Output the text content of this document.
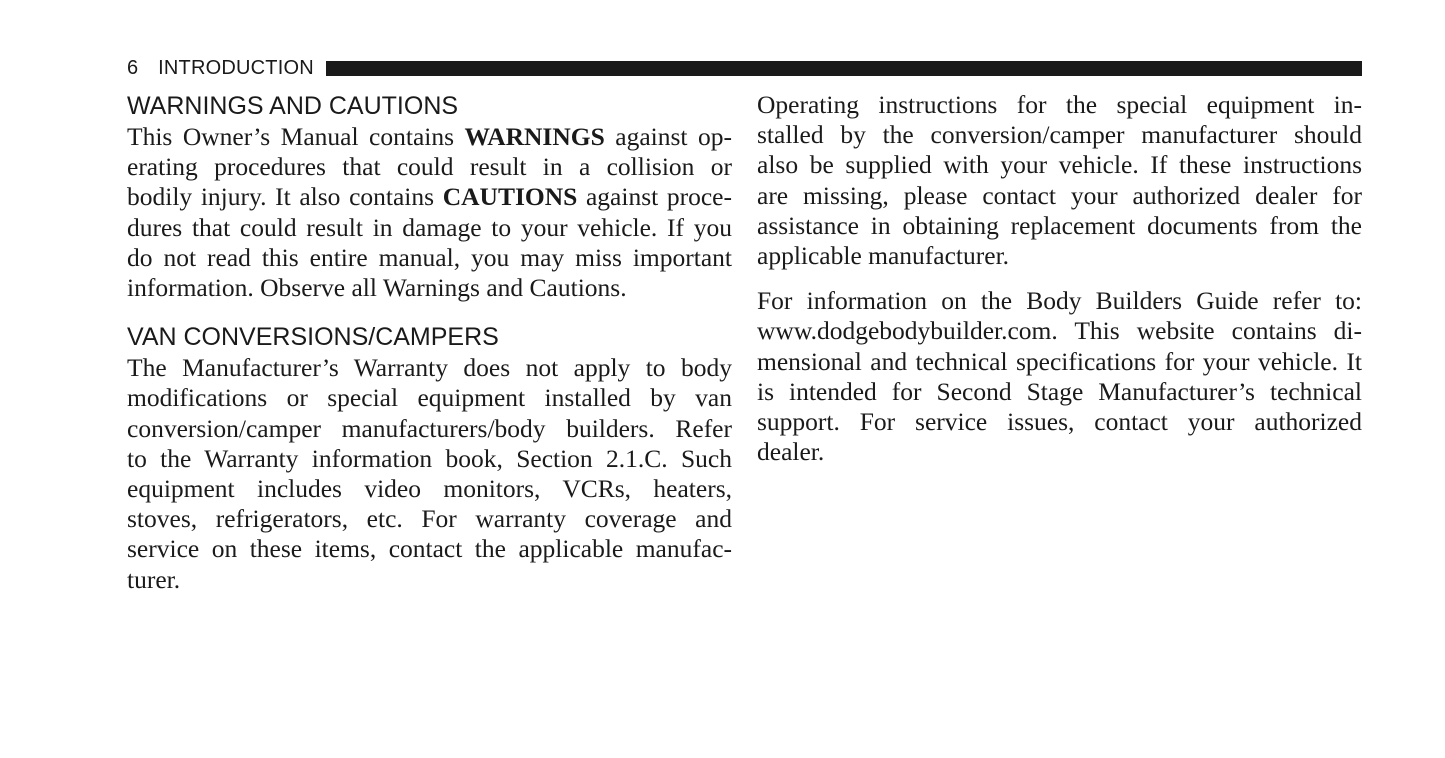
6 INTRODUCTION
WARNINGS AND CAUTIONS

This Owner’s Manual contains WARNINGS against op-
erating procedures that could result in a collision or
bodily injury. It also contains CAUTIONS against proce-
dures that could result in damage to your vehicle. If you
do not read this entire manual, you may miss important
information. Observe all Warnings and Cautions.

VAN CONVERSIONS/CAMPERS

The Manufacturer’s Warranty does not apply to body
modifications or special equipment installed by van
conversion/camper manufacturers/body builders. Refer
to the Warranty information book, Section 2.1.C. Such
equipment includes video monitors, VCRs, heaters,
stoves, refrigerators, etc. For warranty coverage and
service on these items, contact the applicable manufac-
turer.

Operating instructions for the special equipment in-
stalled by the conversion/camper manufacturer should
also be supplied with your vehicle. If these instructions
are missing, please contact your authorized dealer for
assistance in obtaining replacement documents from the
applicable manufacturer.

For information on the Body Builders Guide refer to:
www.dodgebodybuilder.com. This website contains di-
mensional and technical specifications for your vehicle. It
is intended for Second Stage Manufacturer’s technical
support. For service issues, contact your authorized
dealer.
